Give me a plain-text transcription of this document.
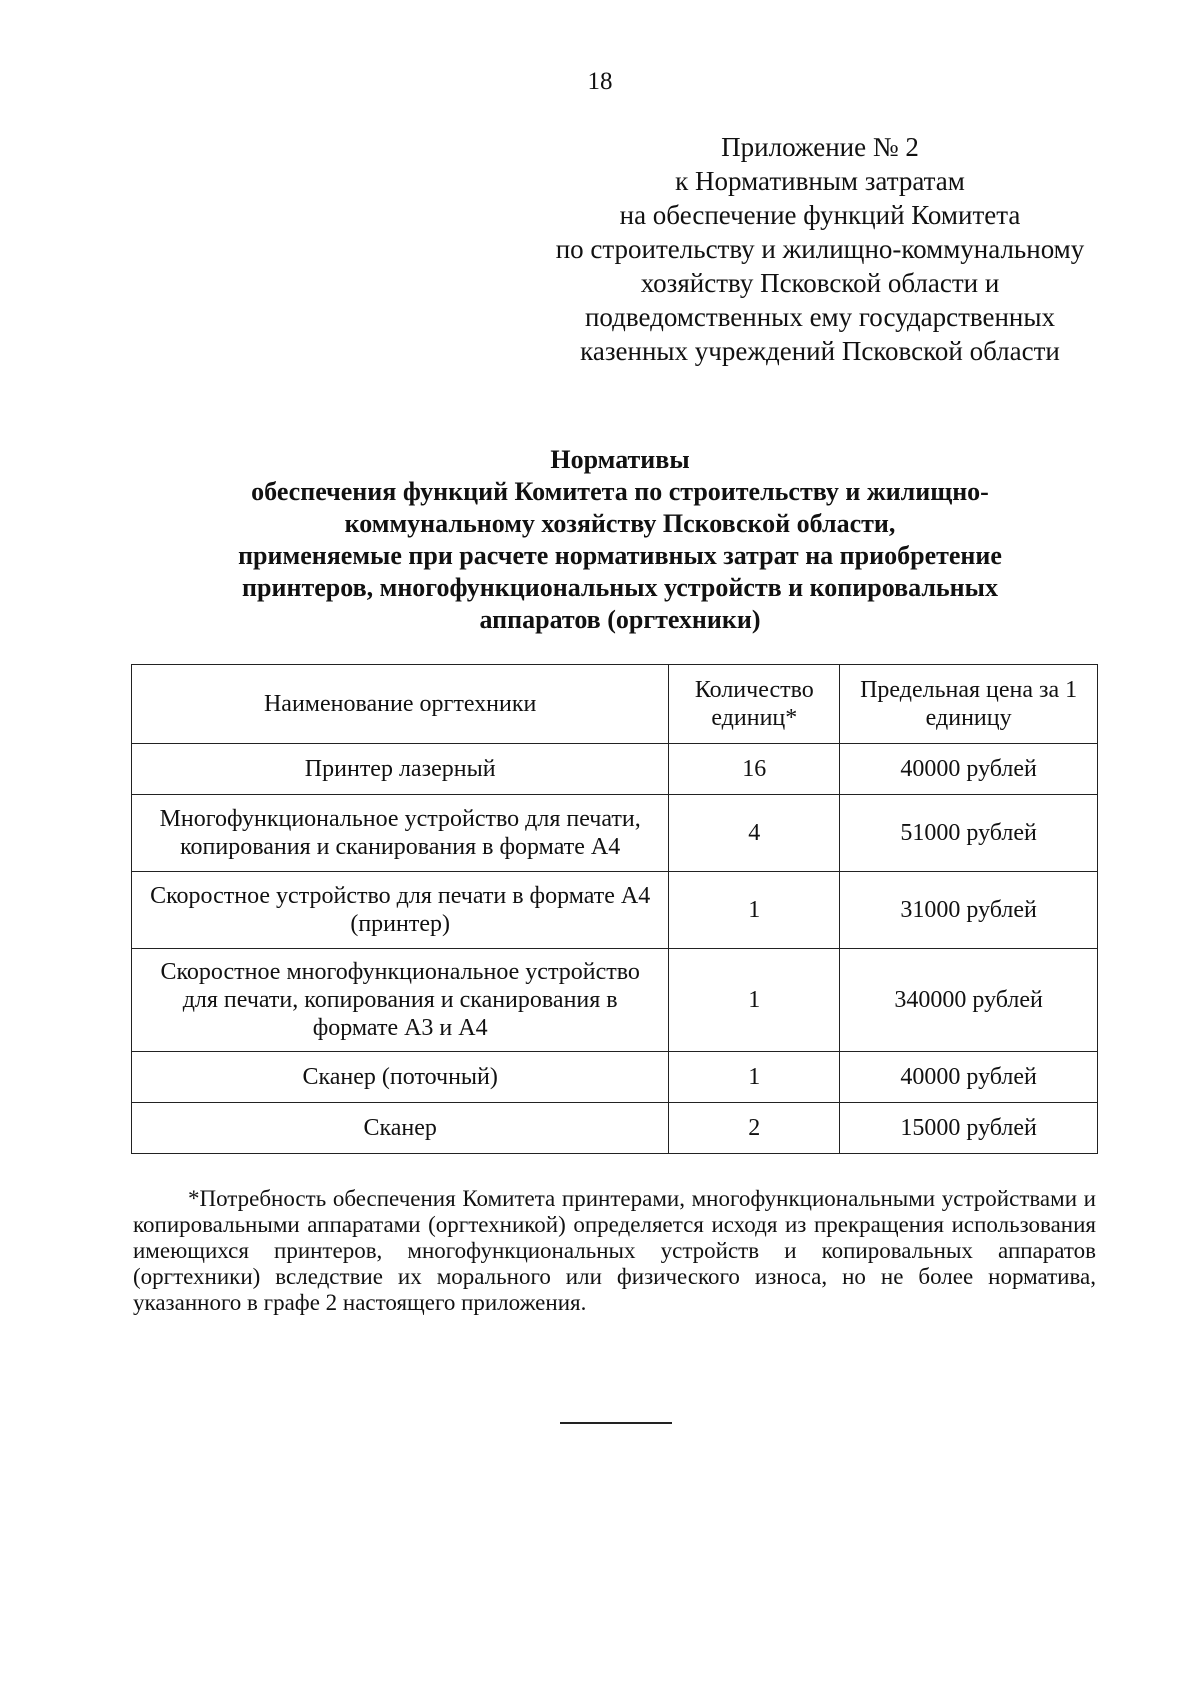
18
Приложение № 2
к Нормативным затратам
на обеспечение функций Комитета
по строительству и жилищно-коммунальному
хозяйству Псковской области и
подведомственных ему государственных
казенных учреждений Псковской области
Нормативы
обеспечения функций Комитета по строительству и жилищно-
коммунальному хозяйству Псковской области,
применяемые при расчете нормативных затрат на приобретение
принтеров, многофункциональных устройств и копировальных
аппаратов (оргтехники)
Наименование оргтехники	Количество единиц*	Предельная цена за 1 единицу
Принтер лазерный	16	40000 рублей
Многофункциональное устройство для печати, копирования и сканирования в формате А4	4	51000 рублей
Скоростное устройство для печати в формате А4 (принтер)	1	31000 рублей
Скоростное многофункциональное устройство для печати, копирования и сканирования в формате А3 и А4	1	340000 рублей
Сканер (поточный)	1	40000 рублей
Сканер	2	15000 рублей
*Потребность обеспечения Комитета принтерами, многофункциональными устройствами и копировальными аппаратами (оргтехникой) определяется исходя из прекращения использования имеющихся принтеров, многофункциональных устройств и копировальных аппаратов (оргтехники) вследствие их морального или физического износа, но не более норматива, указанного в графе 2 настоящего приложения.
